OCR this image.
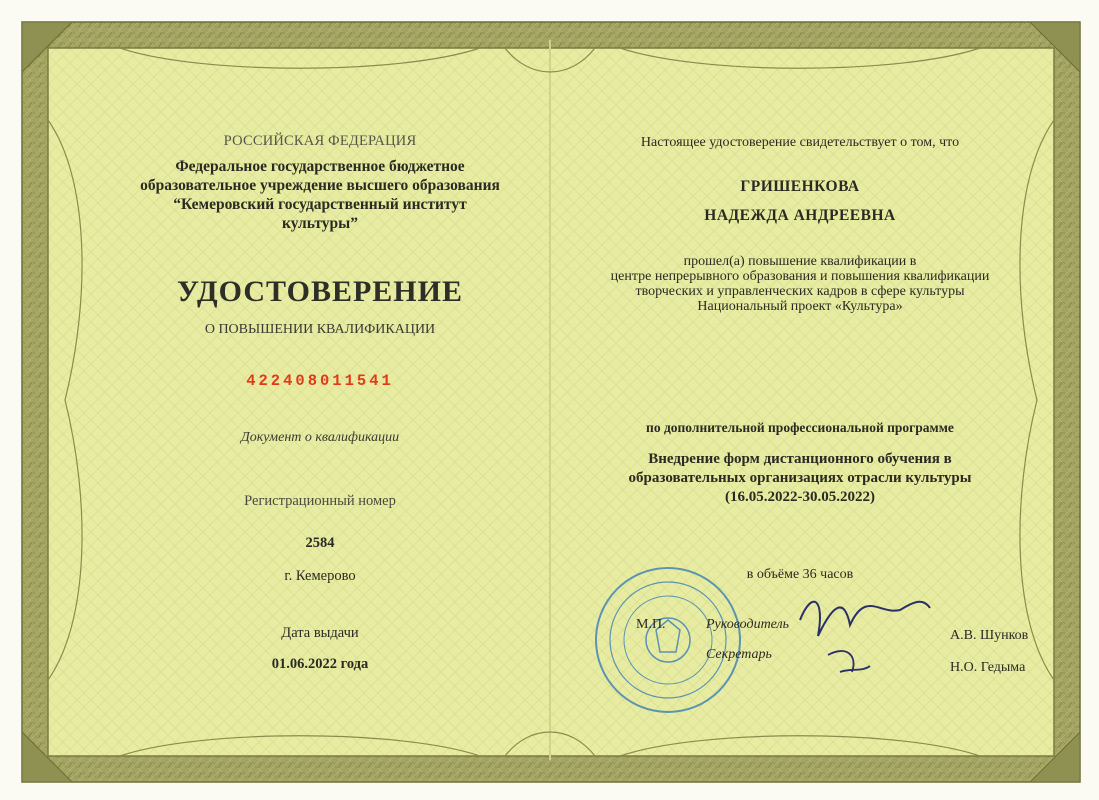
РОССИЙСКАЯ ФЕДЕРАЦИЯ
Федеральное государственное бюджетное
образовательное учреждение высшего образования
“Кемеровский государственный институт культуры”
УДОСТОВЕРЕНИЕ
О ПОВЫШЕНИИ КВАЛИФИКАЦИИ
422408011541
Документ о квалификации
Регистрационный номер
2584
г. Кемерово
Дата выдачи
01.06.2022 года
Настоящее удостоверение свидетельствует о том, что
ГРИШЕНКОВА
НАДЕЖДА АНДРЕЕВНА
прошел(а) повышение квалификации в
центре непрерывного образования и повышения квалификации
творческих и управленческих кадров в сфере культуры
Национальный проект «Культура»
по дополнительной профессиональной программе
Внедрение форм дистанционного обучения в
образовательных организациях отрасли культуры
(16.05.2022-30.05.2022)
в объёме 36 часов
М.П.	Руководитель
А.В. Шунков
Секретарь
Н.О. Гедыма
